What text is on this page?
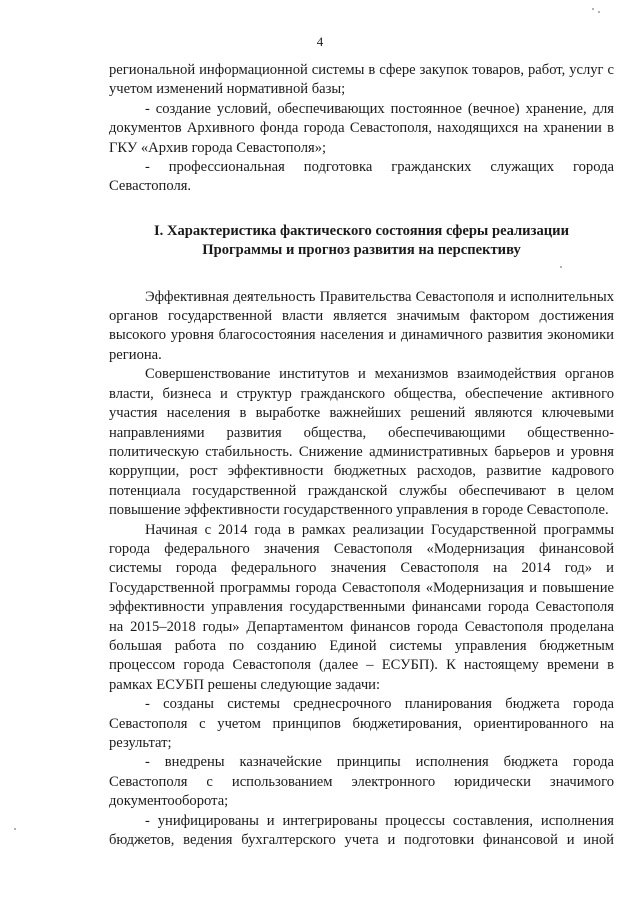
4

региональной информационной системы в сфере закупок товаров, работ, услуг с учетом изменений нормативной базы;

- создание условий, обеспечивающих постоянное (вечное) хранение, для документов Архивного фонда города Севастополя, находящихся на хранении в ГКУ «Архив города Севастополя»;

- профессиональная подготовка гражданских служащих города Севастополя.

I. Характеристика фактического состояния сферы реализации
Программы и прогноз развития на перспективу

Эффективная деятельность Правительства Севастополя и исполнительных органов государственной власти является значимым фактором достижения высокого уровня благосостояния населения и динамичного развития экономики региона.

Совершенствование институтов и механизмов взаимодействия органов власти, бизнеса и структур гражданского общества, обеспечение активного участия населения в выработке важнейших решений являются ключевыми направлениями развития общества, обеспечивающими общественно-политическую стабильность. Снижение административных барьеров и уровня коррупции, рост эффективности бюджетных расходов, развитие кадрового потенциала государственной гражданской службы обеспечивают в целом повышение эффективности государственного управления в городе Севастополе.

Начиная с 2014 года в рамках реализации Государственной программы города федерального значения Севастополя «Модернизация финансовой системы города федерального значения Севастополя на 2014 год» и Государственной программы города Севастополя «Модернизация и повышение эффективности управления государственными финансами города Севастополя на 2015–2018 годы» Департаментом финансов города Севастополя проделана большая работа по созданию Единой системы управления бюджетным процессом города Севастополя (далее – ЕСУБП). К настоящему времени в рамках ЕСУБП решены следующие задачи:

- созданы системы среднесрочного планирования бюджета города Севастополя с учетом принципов бюджетирования, ориентированного на результат;

- внедрены казначейские принципы исполнения бюджета города Севастополя с использованием электронного юридически значимого документооборота;

- унифицированы и интегрированы процессы составления, исполнения бюджетов, ведения бухгалтерского учета и подготовки финансовой и иной
